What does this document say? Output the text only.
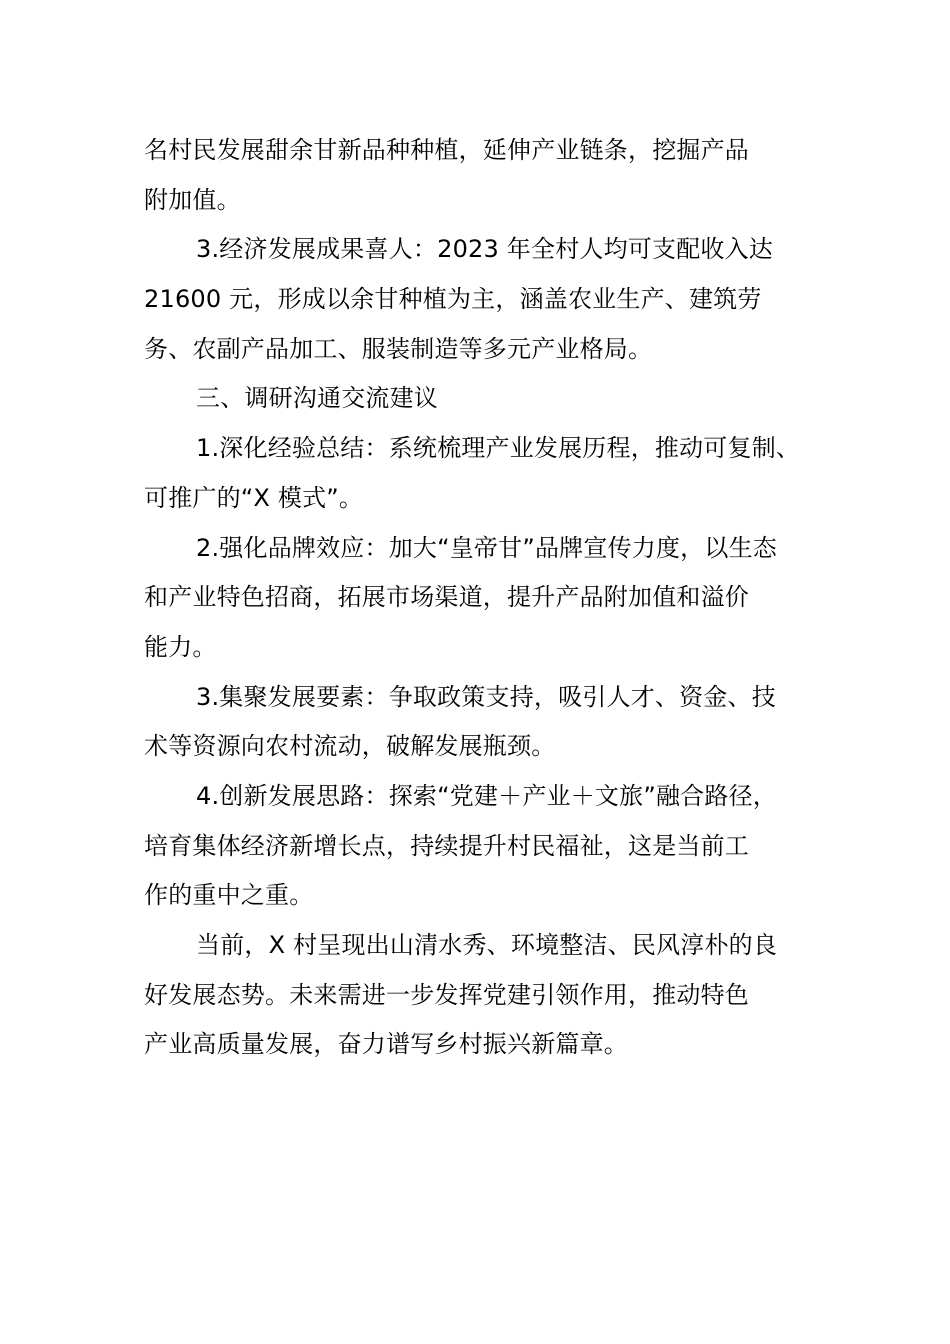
名村民发展甜余甘新品种种植，延伸产业链条，挖掘产品
附加值。
3.经济发展成果喜人：2023 年全村人均可支配收入达
21600 元，形成以余甘种植为主，涵盖农业生产、建筑劳
务、农副产品加工、服装制造等多元产业格局。
三、调研沟通交流建议
1.深化经验总结：系统梳理产业发展历程，推动可复制、
可推广的“X 模式”。
2.强化品牌效应：加大“皇帝甘”品牌宣传力度，以生态
和产业特色招商，拓展市场渠道，提升产品附加值和溢价
能力。
3.集聚发展要素：争取政策支持，吸引人才、资金、技
术等资源向农村流动，破解发展瓶颈。
4.创新发展思路：探索“党建＋产业＋文旅”融合路径，
培育集体经济新增长点，持续提升村民福祉，这是当前工
作的重中之重。
当前，X 村呈现出山清水秀、环境整洁、民风淳朴的良
好发展态势。未来需进一步发挥党建引领作用，推动特色
产业高质量发展，奋力谱写乡村振兴新篇章。
